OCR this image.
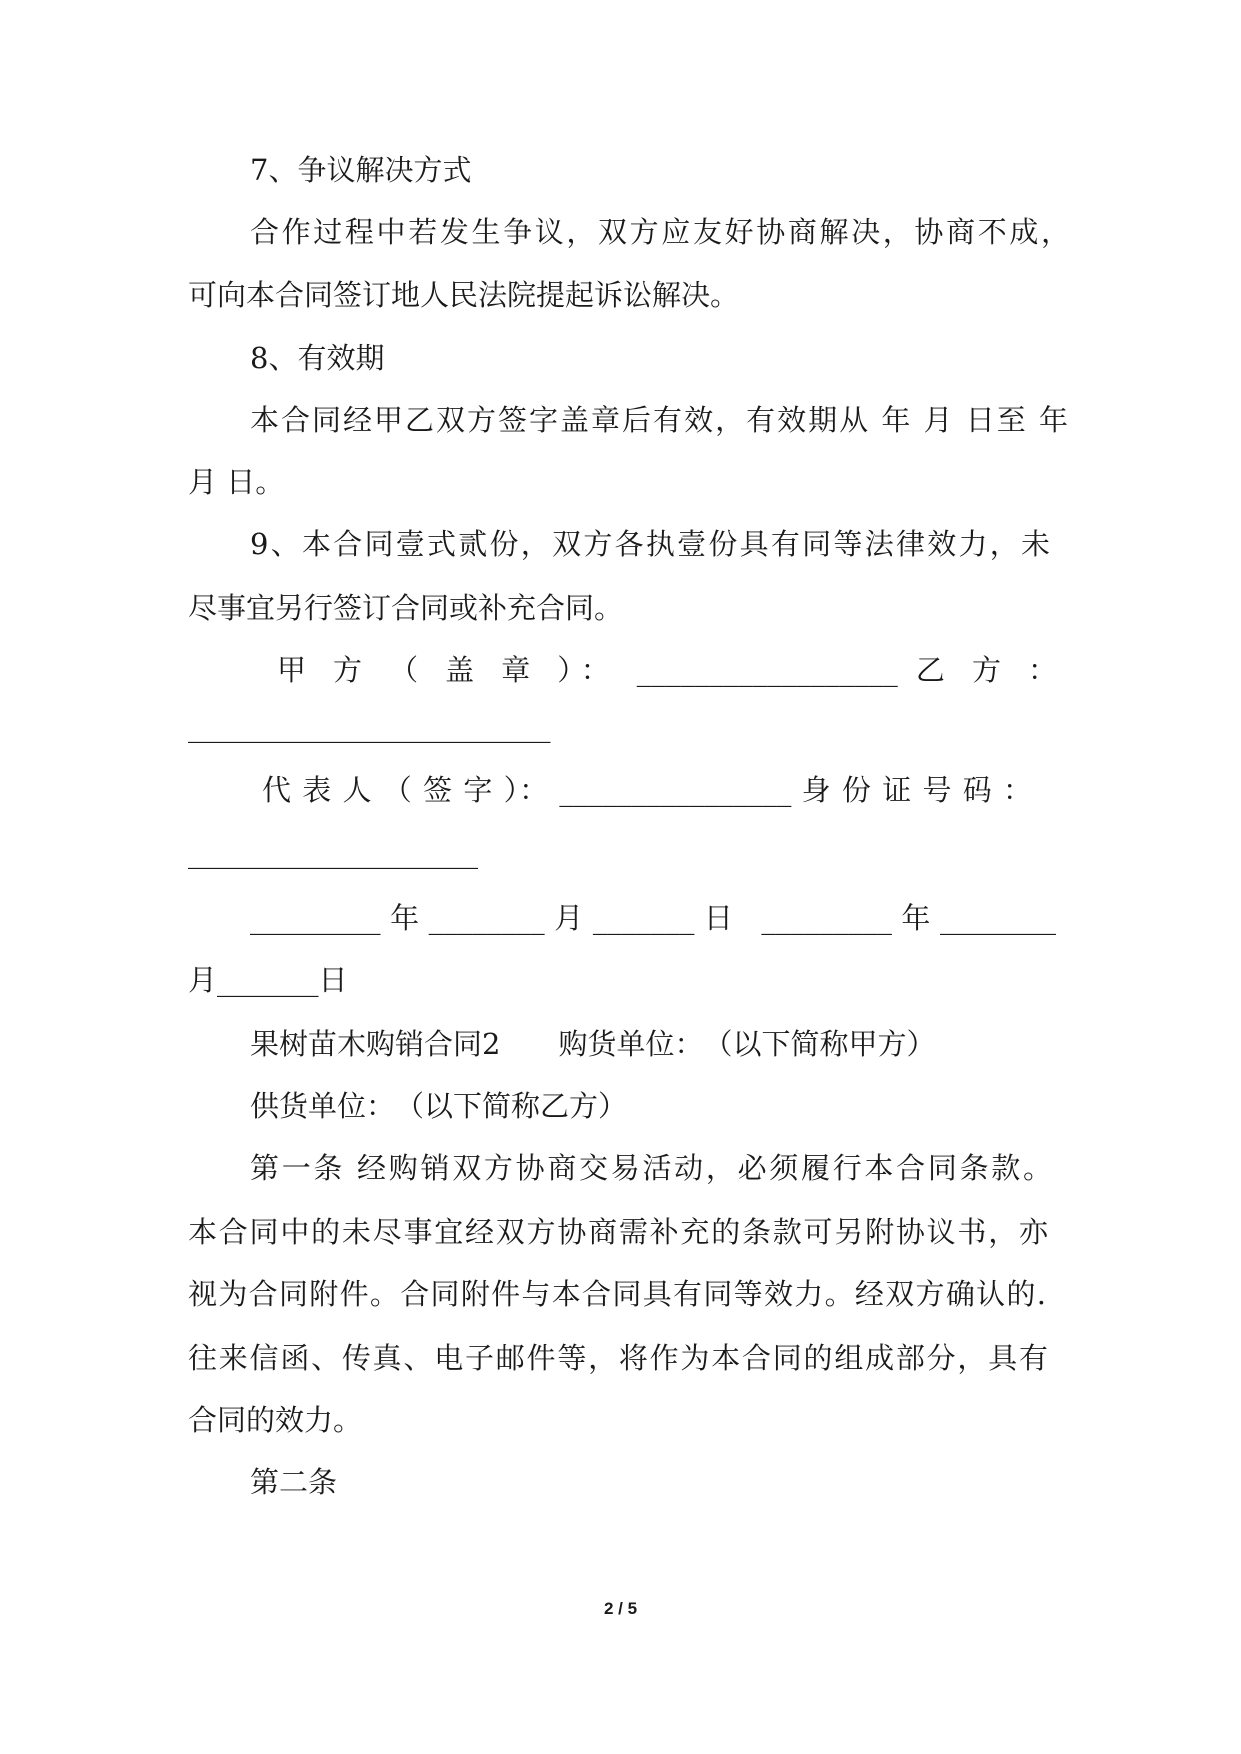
7、争议解决方式

合作过程中若发生争议，双方应友好协商解决，协商不成，

可向本合同签订地人民法院提起诉讼解决。

8、有效期

本合同经甲乙双方签字盖章后有效，有效期从 年 月 日至 年

月 日。

9、本合同壹式贰份，双方各执壹份具有同等法律效力，未

尽事宜另行签订合同或补充合同。

甲 方 （ 盖 章 ）： __________________ 乙 方 ：

_________________________

代 表 人 （ 签 字 ）： ________________ 身 份 证 号 码 ：

____________________

_________年________月_______日 _________年________

月_______日

果树苗木购销合同2　　购货单位：　（以下简称甲方）

供货单位：　（以下简称乙方）

第一条 经购销双方协商交易活动，必须履行本合同条款。

本合同中的未尽事宜经双方协商需补充的条款可另附协议书，亦

视为合同附件。合同附件与本合同具有同等效力。经双方确认的.

往来信函、传真、电子邮件等，将作为本合同的组成部分，具有

合同的效力。

第二条

2 / 5
